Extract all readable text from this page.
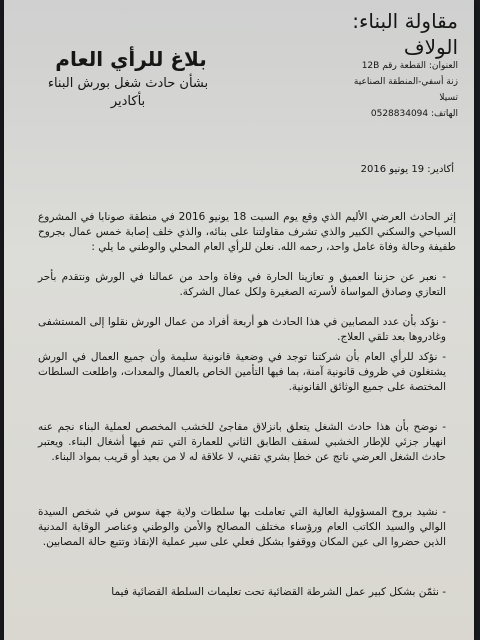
مقاولة البناء:
الولاف
العنوان: القطعة رقم 12B
زنة أسفي-المنطقة الصناعية
تسيلا
الهاتف: 0528834094
بلاغ للرأي العام
بشأن حادث شغل بورش البناء
بأكادير
أكادير: 19 يونيو 2016
إثر الحادث العرضي الأليم الذي وقع يوم السبت 18 يونيو 2016 في منطقة صونابا في المشروع السياحي والسكني الكبير والذي تشرف مقاولتنا على بنائه، والذي خلف إصابة خمس عمال بجروح طفيفة وحالة وفاة عامل واحد، رحمه الله. نعلن للرأي العام المحلي والوطني ما يلي :
- نعبر عن حزننا العميق و تعازينا الحارة في وفاة واحد من عمالنا في الورش ونتقدم بأحر التعازي وصادق المواساة لأسرته الصغيرة ولكل عمال الشركة.
- نؤكد بأن عدد المصابين في هذا الحادث هو أربعة أفراد من عمال الورش نقلوا إلى المستشفى وغادروها بعد تلقي العلاج.
- نؤكد للرأي العام بأن شركتنا توجد في وضعية قانونية سليمة وأن جميع العمال في الورش يشتغلون في ظروف قانونية آمنة، بما فيها التأمين الخاص بالعمال والمعدات، واطلعت السلطات المختصة على جميع الوثائق القانونية.
- نوضح بأن هذا حادث الشغل يتعلق بانزلاق مفاجئ للخشب المخصص لعملية البناء نجم عنه انهيار جزئي للإطار الخشبي لسقف الطابق الثاني للعمارة التي تتم فيها أشغال البناء. ويعتبر حادث الشغل العرضي ناتج عن خطإ بشري تقني، لا علاقة له لا من بعيد أو قريب بمواد البناء.
- نشيد بروح المسؤولية العالية التي تعاملت بها سلطات ولاية جهة سوس في شخص السيدة الوالي والسيد الكاتب العام ورؤساء مختلف المصالح والأمن والوطني وعناصر الوقاية المدنية الذين حضروا الى عين المكان ووقفوا بشكل فعلي على سير عملية الإنقاذ وتتبع حالة المصابين.
- نثمّن بشكل كبير عمل الشرطة القضائية تحت تعليمات السلطة القضائية فيما
